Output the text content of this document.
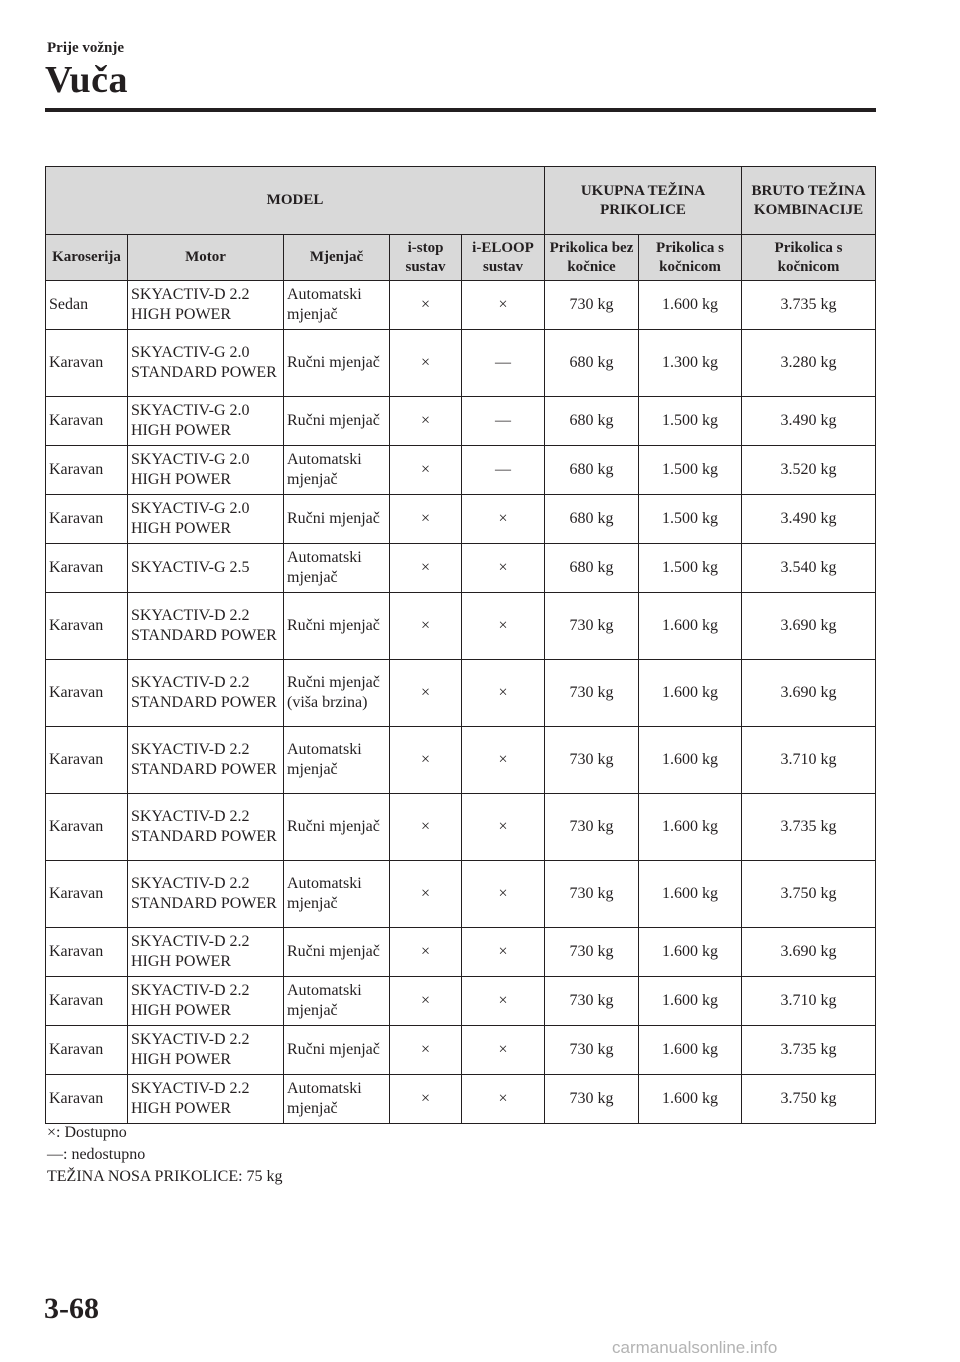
Prije vožnje
Vuča
MODEL					UKUPNA TEŽINA PRIKOLICE		BRUTO TEŽINA KOMBINACIJE
Karoserija	Motor	Mjenjač	i-stop sustav	i-ELOOP sustav	Prikolica bez kočnice	Prikolica s kočnicom	Prikolica s kočnicom
Sedan	SKYACTIV-D 2.2 HIGH POWER	Automatski mjenjač	×	×	730 kg	1.600 kg	3.735 kg
Karavan	SKYACTIV-G 2.0 STANDARD POWER	Ručni mjenjač	×	—	680 kg	1.300 kg	3.280 kg
Karavan	SKYACTIV-G 2.0 HIGH POWER	Ručni mjenjač	×	—	680 kg	1.500 kg	3.490 kg
Karavan	SKYACTIV-G 2.0 HIGH POWER	Automatski mjenjač	×	—	680 kg	1.500 kg	3.520 kg
Karavan	SKYACTIV-G 2.0 HIGH POWER	Ručni mjenjač	×	×	680 kg	1.500 kg	3.490 kg
Karavan	SKYACTIV-G 2.5	Automatski mjenjač	×	×	680 kg	1.500 kg	3.540 kg
Karavan	SKYACTIV-D 2.2 STANDARD POWER	Ručni mjenjač	×	×	730 kg	1.600 kg	3.690 kg
Karavan	SKYACTIV-D 2.2 STANDARD POWER	Ručni mjenjač (viša brzina)	×	×	730 kg	1.600 kg	3.690 kg
Karavan	SKYACTIV-D 2.2 STANDARD POWER	Automatski mjenjač	×	×	730 kg	1.600 kg	3.710 kg
Karavan	SKYACTIV-D 2.2 STANDARD POWER	Ručni mjenjač	×	×	730 kg	1.600 kg	3.735 kg
Karavan	SKYACTIV-D 2.2 STANDARD POWER	Automatski mjenjač	×	×	730 kg	1.600 kg	3.750 kg
Karavan	SKYACTIV-D 2.2 HIGH POWER	Ručni mjenjač	×	×	730 kg	1.600 kg	3.690 kg
Karavan	SKYACTIV-D 2.2 HIGH POWER	Automatski mjenjač	×	×	730 kg	1.600 kg	3.710 kg
Karavan	SKYACTIV-D 2.2 HIGH POWER	Ručni mjenjač	×	×	730 kg	1.600 kg	3.735 kg
Karavan	SKYACTIV-D 2.2 HIGH POWER	Automatski mjenjač	×	×	730 kg	1.600 kg	3.750 kg
×: Dostupno
—: nedostupno
TEŽINA NOSA PRIKOLICE: 75 kg
3-68
carmanualsonline.info
